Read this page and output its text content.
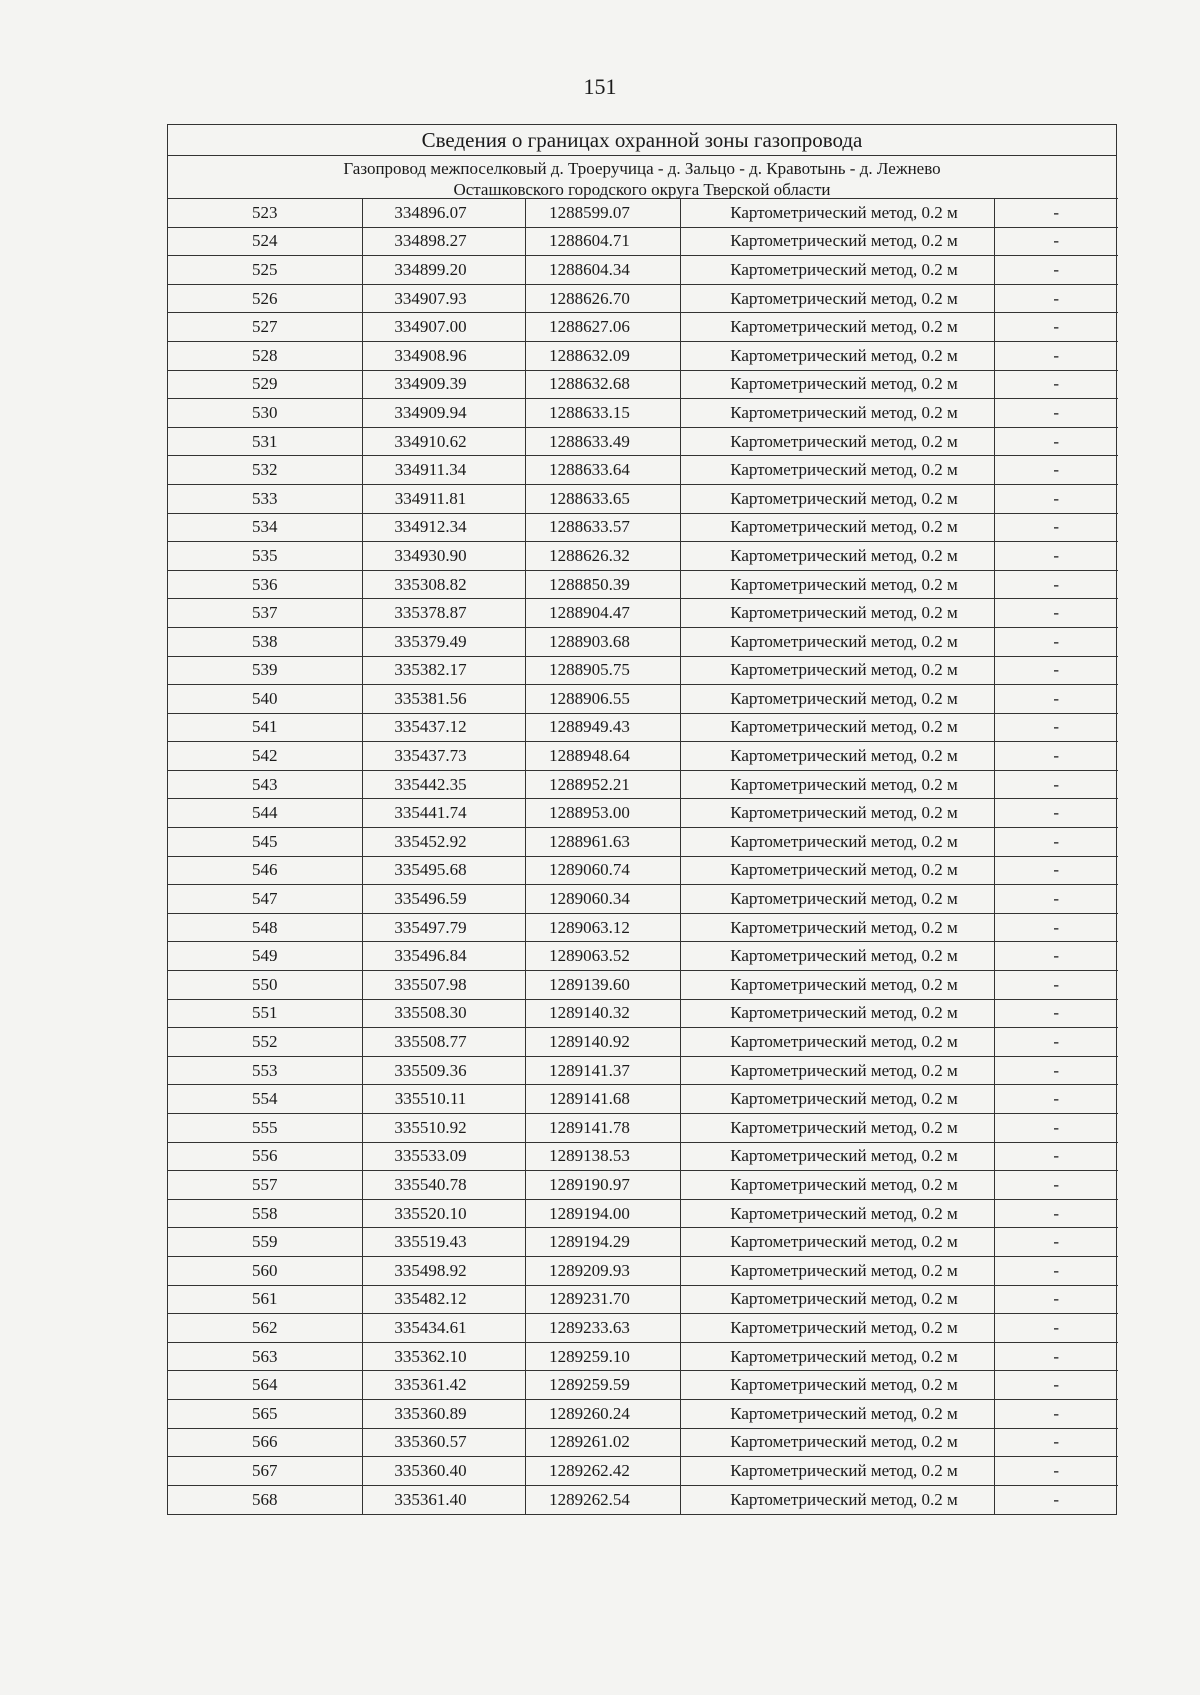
151
Сведения о границах охранной зоны газопровода
Газопровод межпоселковый д. Троеручица - д. Зальцо - д. Кравотынь - д. Лежнево
Осташковского городского округа Тверской области
523	334896.07	1288599.07	Картометрический метод, 0.2 м	-
524	334898.27	1288604.71	Картометрический метод, 0.2 м	-
525	334899.20	1288604.34	Картометрический метод, 0.2 м	-
526	334907.93	1288626.70	Картометрический метод, 0.2 м	-
527	334907.00	1288627.06	Картометрический метод, 0.2 м	-
528	334908.96	1288632.09	Картометрический метод, 0.2 м	-
529	334909.39	1288632.68	Картометрический метод, 0.2 м	-
530	334909.94	1288633.15	Картометрический метод, 0.2 м	-
531	334910.62	1288633.49	Картометрический метод, 0.2 м	-
532	334911.34	1288633.64	Картометрический метод, 0.2 м	-
533	334911.81	1288633.65	Картометрический метод, 0.2 м	-
534	334912.34	1288633.57	Картометрический метод, 0.2 м	-
535	334930.90	1288626.32	Картометрический метод, 0.2 м	-
536	335308.82	1288850.39	Картометрический метод, 0.2 м	-
537	335378.87	1288904.47	Картометрический метод, 0.2 м	-
538	335379.49	1288903.68	Картометрический метод, 0.2 м	-
539	335382.17	1288905.75	Картометрический метод, 0.2 м	-
540	335381.56	1288906.55	Картометрический метод, 0.2 м	-
541	335437.12	1288949.43	Картометрический метод, 0.2 м	-
542	335437.73	1288948.64	Картометрический метод, 0.2 м	-
543	335442.35	1288952.21	Картометрический метод, 0.2 м	-
544	335441.74	1288953.00	Картометрический метод, 0.2 м	-
545	335452.92	1288961.63	Картометрический метод, 0.2 м	-
546	335495.68	1289060.74	Картометрический метод, 0.2 м	-
547	335496.59	1289060.34	Картометрический метод, 0.2 м	-
548	335497.79	1289063.12	Картометрический метод, 0.2 м	-
549	335496.84	1289063.52	Картометрический метод, 0.2 м	-
550	335507.98	1289139.60	Картометрический метод, 0.2 м	-
551	335508.30	1289140.32	Картометрический метод, 0.2 м	-
552	335508.77	1289140.92	Картометрический метод, 0.2 м	-
553	335509.36	1289141.37	Картометрический метод, 0.2 м	-
554	335510.11	1289141.68	Картометрический метод, 0.2 м	-
555	335510.92	1289141.78	Картометрический метод, 0.2 м	-
556	335533.09	1289138.53	Картометрический метод, 0.2 м	-
557	335540.78	1289190.97	Картометрический метод, 0.2 м	-
558	335520.10	1289194.00	Картометрический метод, 0.2 м	-
559	335519.43	1289194.29	Картометрический метод, 0.2 м	-
560	335498.92	1289209.93	Картометрический метод, 0.2 м	-
561	335482.12	1289231.70	Картометрический метод, 0.2 м	-
562	335434.61	1289233.63	Картометрический метод, 0.2 м	-
563	335362.10	1289259.10	Картометрический метод, 0.2 м	-
564	335361.42	1289259.59	Картометрический метод, 0.2 м	-
565	335360.89	1289260.24	Картометрический метод, 0.2 м	-
566	335360.57	1289261.02	Картометрический метод, 0.2 м	-
567	335360.40	1289262.42	Картометрический метод, 0.2 м	-
568	335361.40	1289262.54	Картометрический метод, 0.2 м	-
